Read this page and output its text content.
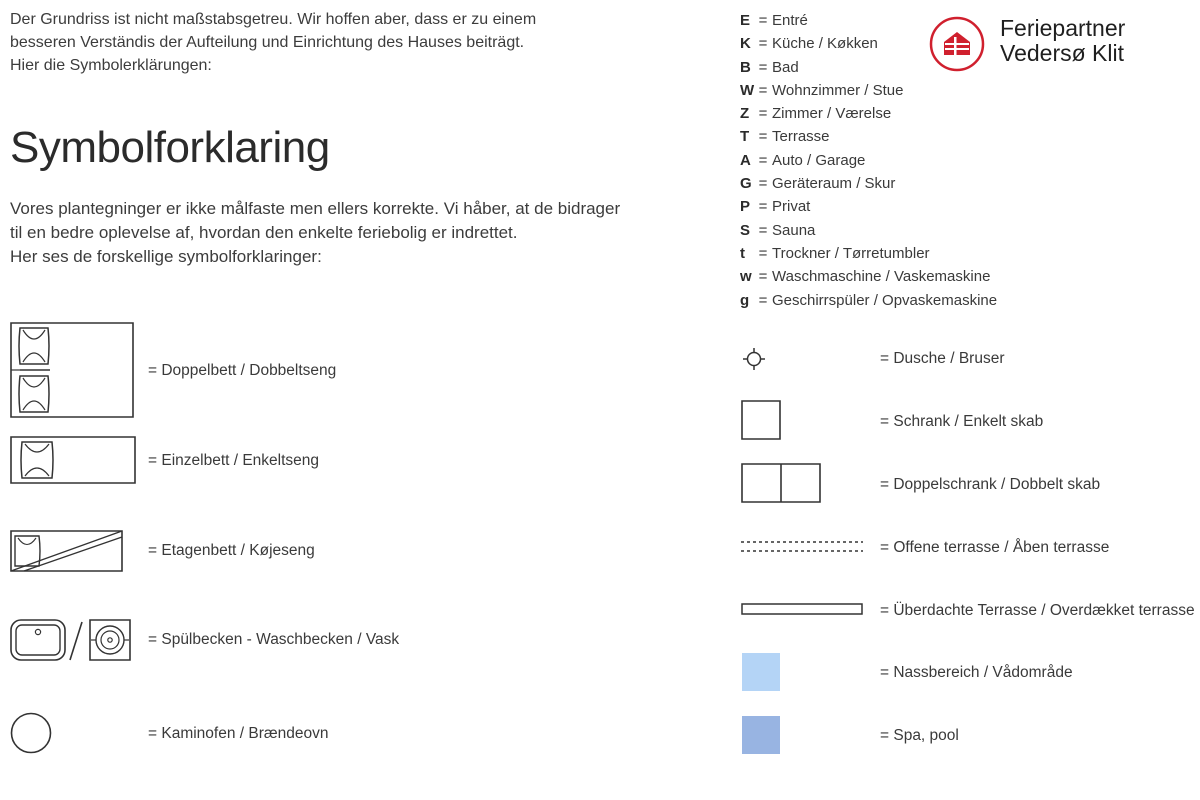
Der Grundriss ist nicht maßstabsgetreu. Wir hoffen aber, dass er zu einem
besseren Verständis der Aufteilung und Einrichtung des Hauses beiträgt.
Hier die Symbolerklärungen:
Symbolforklaring
Vores plantegninger er ikke målfaste men ellers korrekte. Vi håber, at de bidrager
til en bedre oplevelse af, hvordan den enkelte feriebolig er indrettet.
Her ses de forskellige symbolforklaringer:
E = Entré
K = Küche / Køkken
B = Bad
W = Wohnzimmer / Stue
Z = Zimmer / Værelse
T = Terrasse
A = Auto / Garage
G = Geräteraum / Skur
P = Privat
S = Sauna
t = Trockner / Tørretumbler
w = Waschmaschine / Vaskemaskine
g = Geschirrspüler / Opvaskemaskine
Feriepartner
Vedersø Klit
= Doppelbett / Dobbeltseng
= Einzelbett / Enkeltseng
= Etagenbett / Køjeseng
= Spülbecken - Waschbecken / Vask
= Kaminofen / Brændeovn
= Dusche / Bruser
= Schrank / Enkelt skab
= Doppelschrank / Dobbelt skab
= Offene terrasse / Åben terrasse
= Überdachte Terrasse / Overdækket terrasse
= Nassbereich / Vådområde
= Spa, pool
